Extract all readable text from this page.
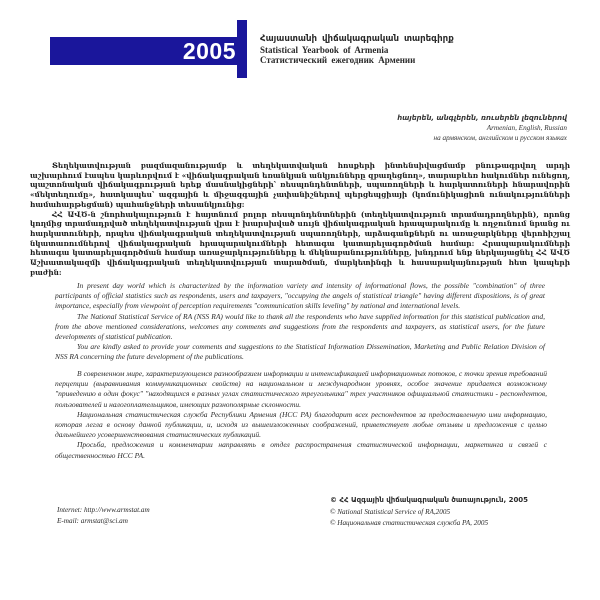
2005	Հայաստանի վիճակագրական տարեգիրք
Statistical Yearbook of Armenia
Статистический ежегодник Армении
հայերեն, անգլերեն, ռուսերեն լեզուներով
Armenian, English, Russian
на армянском, английском и русском языках

Տեղեկատվության բազմազանությամբ և տեղեկատվական հոսքերի ինտենսիվացմամբ բնութագրվող արդի աշխարհում էապես կարևորվում է «վիճակագրական եռանկյան անկյունները զբաղեցնող», տարաբևեռ հակումներ ունեցող, պաշտոնական վիճակագրության երեք մասնակիցների՝ ռեսպոնդենտների, սպառողների և հարկատուների հնարավորին «մեկտեղումը», հատկապես՝ ազգային և միջազգային չափանիշներով պերցեպցիայի (կոմունիկացիոն ունակությունների համահարթեցման) պահանջների տեսանկյունից:

ՀՀ ԱՎԾ-ն շնորհակալություն է հայտնում բոլոր ռեսպոնդենտներին (տեղեկատվություն տրամադրողներին), որոնց կողմից տրամադրված տեղեկատվության վրա է խարսխված սույն վիճակագրական հրապարակումը և ողջունում նրանց ու հարկատուների, որպես վիճակագրական տեղեկատվության սպառողների, արձագանքներն ու առաջարկները վերոհիշյալ նկատառումներով վիճակագրական հրապարակումների հետագա կատարելագործման համար: Հրապարակումների հետագա կատարելագործման համար առաջարկությունները և մեկնաբանությունները, խնդրում ենք ներկայացնել ՀՀ ԱՎԾ Աշխատակազմի վիճակագրական տեղեկատվության տարածման, մարկետինգի և հասարակայնության հետ կապերի բաժին:

In present day world which is characterized by the information variety and intensity of informational flows, the possible "combination" of three participants of official statistics such as respondents, users and taxpayers, "occupying the angels of statistical triangle" having different dispositions, is of great importance, especially from viewpoint of perception requirements "communication skills leveling" by national and international levels.

The National Statistical Service of RA (NSS RA) would like to thank all the respondents who have supplied information for this statistical publication and, from the above mentioned considerations, welcomes any comments and suggestions from the respondents and taxpayers, as statistical users, for the future developments of statistical publication.

You are kindly asked to provide your comments and suggestions to the Statistical Information Dissemination, Marketing and Public Relation Division of NSS RA concerning the future development of the publications.

В современном мире, характеризующемся разнообразием информации и интенсификацией информационных потоков, с точки зрения требований перцепции (выравнивания коммуникационных свойств) на национальном и международном уровнях, особое значение придается возможному "приведению в один фокус" "находящихся в разных углах статистического треугольника" трех участников официальной статистики - респондентов, пользователей и налогоплательщиков, имеющих разнополярные склонности.

Национальная статистическая служба Республики Армения (НСС РА) благодарит всех респондентов за предоставленную ими информацию, которая легла в основу данной публикации, и, исходя из вышеизложенных соображений, приветствует любые отзывы и предложения с целью дальнейшего усовершенствования статистических публикаций.

Просьба, предложения и комментарии направлять в отдел распространения статистической информации, маркетинга и связей с общественностью НСС РА.

Internet: http://www.armstat.am
E-mail: armstat@sci.am
© ՀՀ Ազգային վիճակագրական ծառայություն, 2005
© National Statistical Service of RA,2005
© Национальная статистическая служба РА, 2005
